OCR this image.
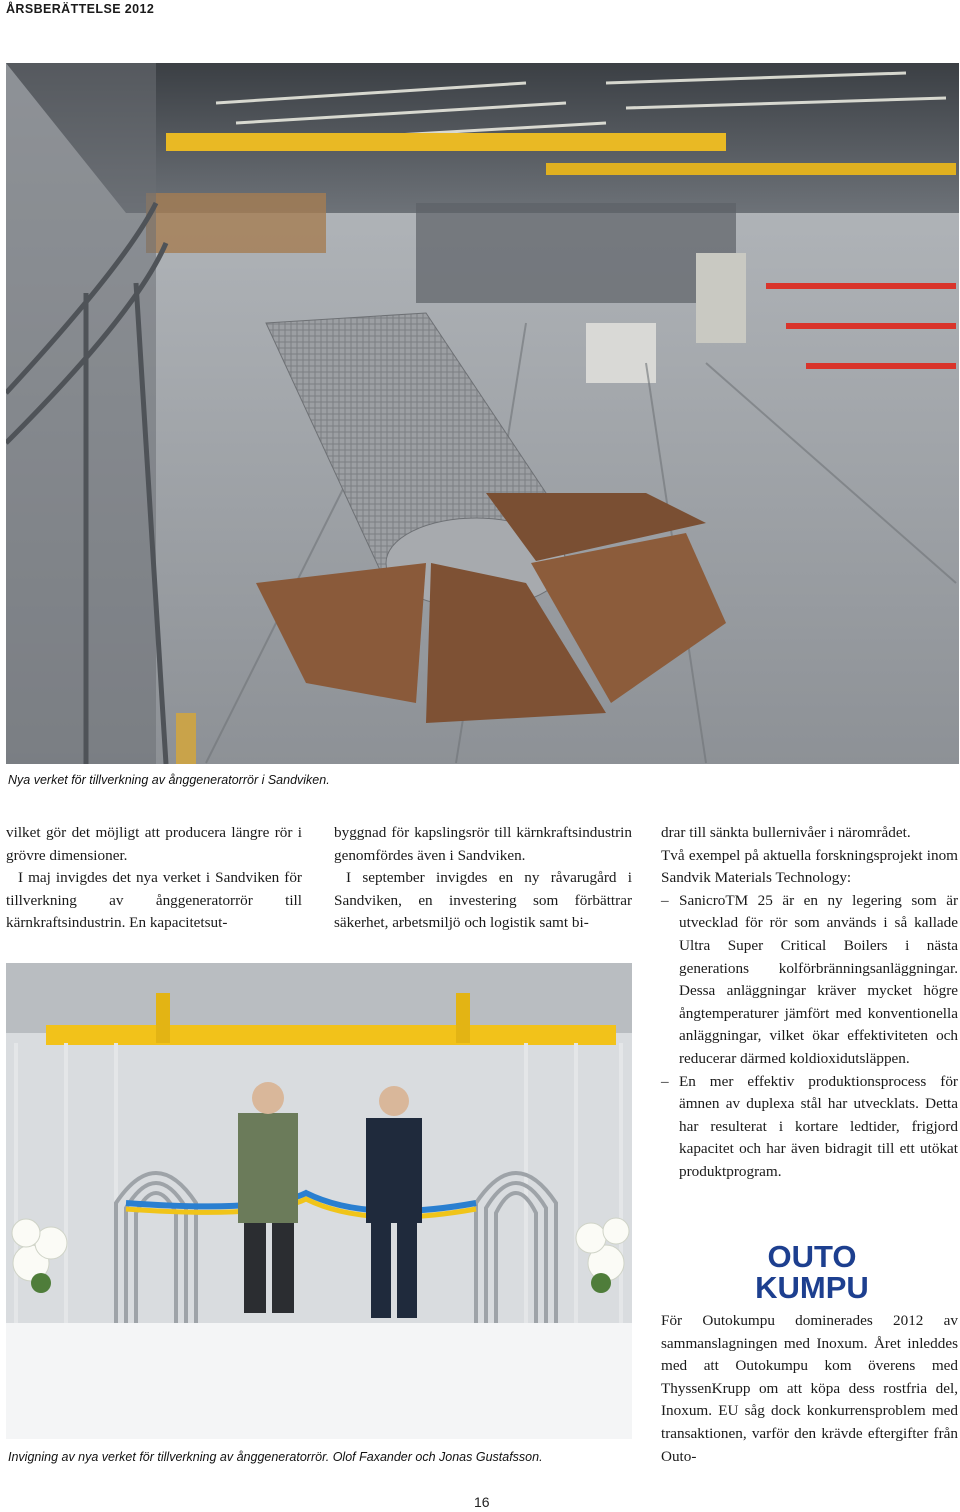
ÅRSBERÄTTELSE 2012
Nya verket för tillverkning av ånggeneratorrör i Sandviken.

vilket gör det möjligt att producera längre rör i grövre dimensioner.

I maj invigdes det nya verket i Sandviken för tillverkning av ånggeneratorrör till kärnkraftsindustrin. En kapacitetsut-

byggnad för kapslingsrör till kärnkraftsindustrin genomfördes även i Sandviken.

I september invigdes en ny råvarugård i Sandviken, en investering som förbättrar säkerhet, arbetsmiljö och logistik samt bi-

drar till sänkta bullernivåer i närområdet.

Två exempel på aktuella forskningsprojekt inom Sandvik Materials Technology:

– SanicroTM 25 är en ny legering som är utvecklad för rör som används i så kallade Ultra Super Critical Boilers i nästa generations kolförbränningsanläggningar. Dessa anläggningar kräver mycket högre ångtemperaturer jämfört med konventionella anläggningar, vilket ökar effektiviteten och reducerar därmed koldioxidutsläppen.
– En mer effektiv produktionsprocess för ämnen av duplexa stål har utvecklats. Detta har resulterat i kortare ledtider, frigjord kapacitet och har även bidragit till ett utökat produktprogram.
Invigning av nya verket för tillverkning av ånggeneratorrör. Olof Faxander och Jonas Gustafsson.
OUTO
KUMPU
För Outokumpu dominerades 2012 av sammanslagningen med Inoxum. Året inleddes med att Outokumpu kom överens med ThyssenKrupp om att köpa dess rostfria del, Inoxum. EU såg dock konkurrensproblem med transaktionen, varför den krävde eftergifter från Outo-
16
